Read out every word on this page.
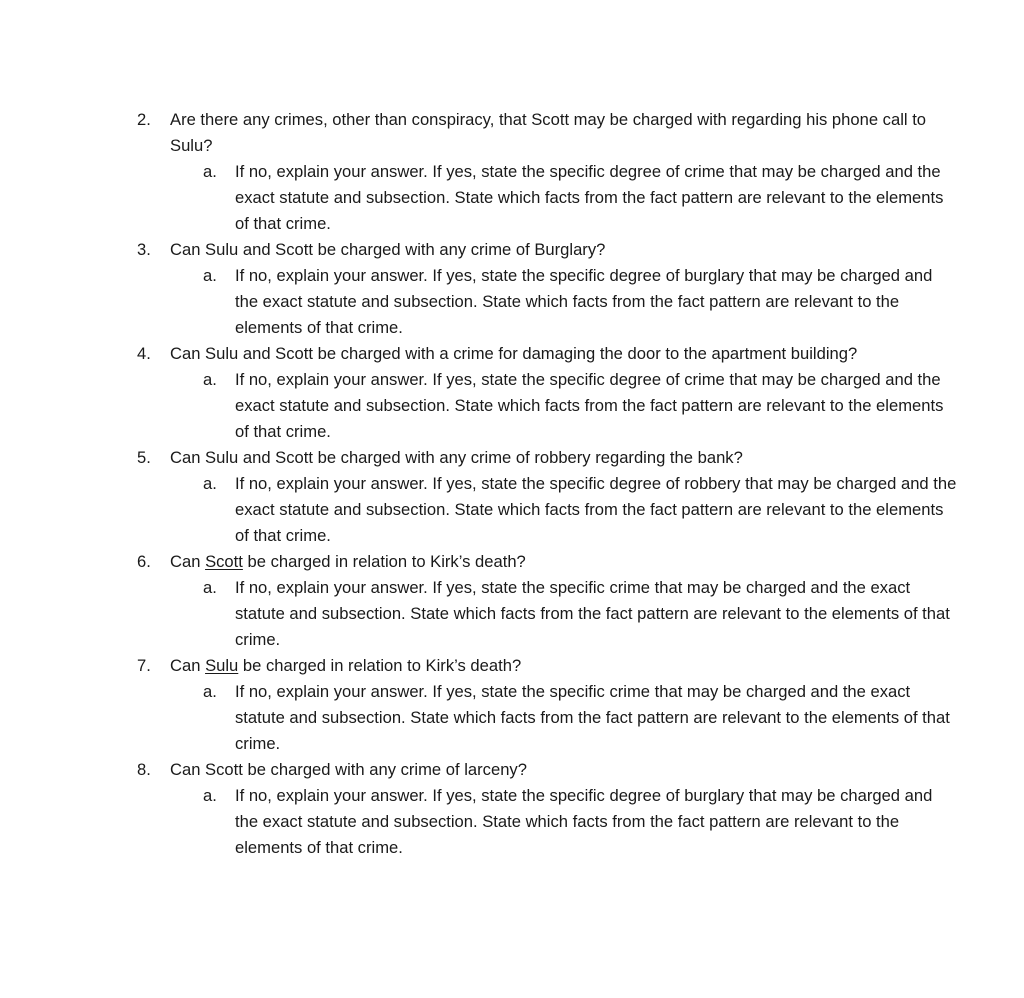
2. Are there any crimes, other than conspiracy, that Scott may be charged with regarding his phone call to Sulu?
a. If no, explain your answer. If yes, state the specific degree of crime that may be charged and the exact statute and subsection. State which facts from the fact pattern are relevant to the elements of that crime.
3. Can Sulu and Scott be charged with any crime of Burglary?
a. If no, explain your answer. If yes, state the specific degree of burglary that may be charged and the exact statute and subsection. State which facts from the fact pattern are relevant to the elements of that crime.
4. Can Sulu and Scott be charged with a crime for damaging the door to the apartment building?
a. If no, explain your answer. If yes, state the specific degree of crime that may be charged and the exact statute and subsection. State which facts from the fact pattern are relevant to the elements of that crime.
5. Can Sulu and Scott be charged with any crime of robbery regarding the bank?
a. If no, explain your answer. If yes, state the specific degree of robbery that may be charged and the exact statute and subsection. State which facts from the fact pattern are relevant to the elements of that crime.
6. Can Scott be charged in relation to Kirk’s death?
a. If no, explain your answer. If yes, state the specific crime that may be charged and the exact statute and subsection. State which facts from the fact pattern are relevant to the elements of that crime.
7. Can Sulu be charged in relation to Kirk’s death?
a. If no, explain your answer. If yes, state the specific crime that may be charged and the exact statute and subsection. State which facts from the fact pattern are relevant to the elements of that crime.
8. Can Scott be charged with any crime of larceny?
a. If no, explain your answer. If yes, state the specific degree of burglary that may be charged and the exact statute and subsection. State which facts from the fact pattern are relevant to the elements of that crime.
